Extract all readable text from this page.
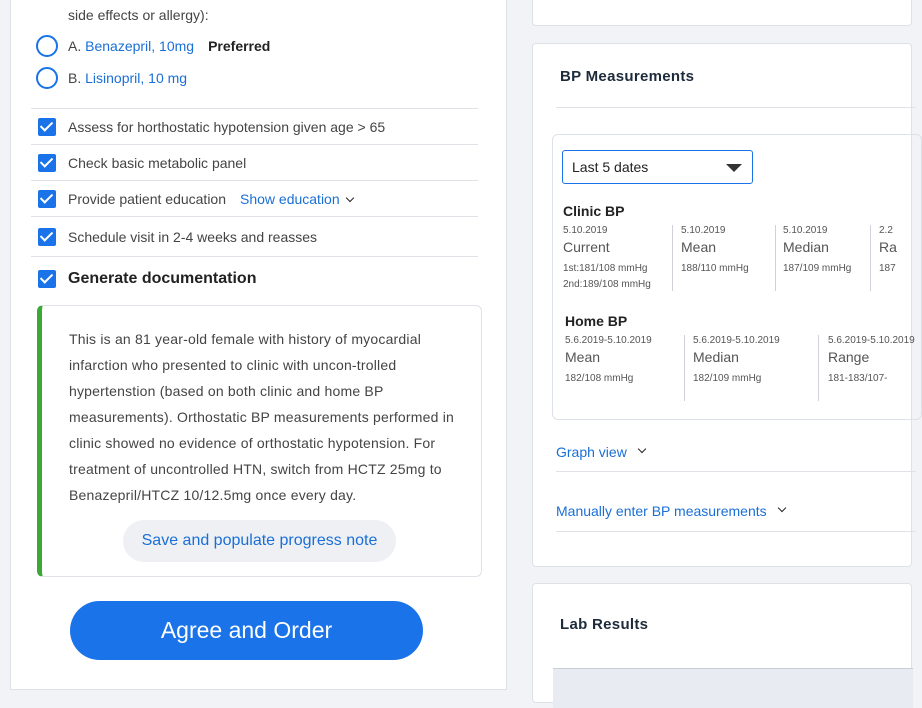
side effects or allergy):
A.
Benazepril, 10mg Preferred
B.
Lisinopril, 10 mg
Assess for horthostatic hypotension given age > 65
Check basic metabolic panel
Provide patient education Show education
Schedule visit in 2-4 weeks and reasses
Generate documentation
This is an 81 year-old female with history of myocardial infarction who presented to clinic with uncon-trolled hypertenstion (based on both clinic and home BP measurements). Orthostatic BP measurements performed in clinic showed no evidence of orthostatic hypotension. For treatment of uncontrolled HTN, switch from HCTZ 25mg to Benazepril/HTCZ 10/12.5mg once every day.
Save and populate progress note
Agree and Order
BP Measurements
Last 5 dates
Clinic BP
5.10.2019
Current
1st:181/108 mmHg
2nd:189/108 mmHg
5.10.2019
Mean
188/110 mmHg
5.10.2019
Median
187/109 mmHg
2.2
Ra
187
Home BP
5.6.2019-5.10.2019
Mean
182/108 mmHg
5.6.2019-5.10.2019
Median
182/109 mmHg
5.6.2019-5.10.2019
Range
181-183/107-
Graph view
Manually enter BP measurements
Lab Results
